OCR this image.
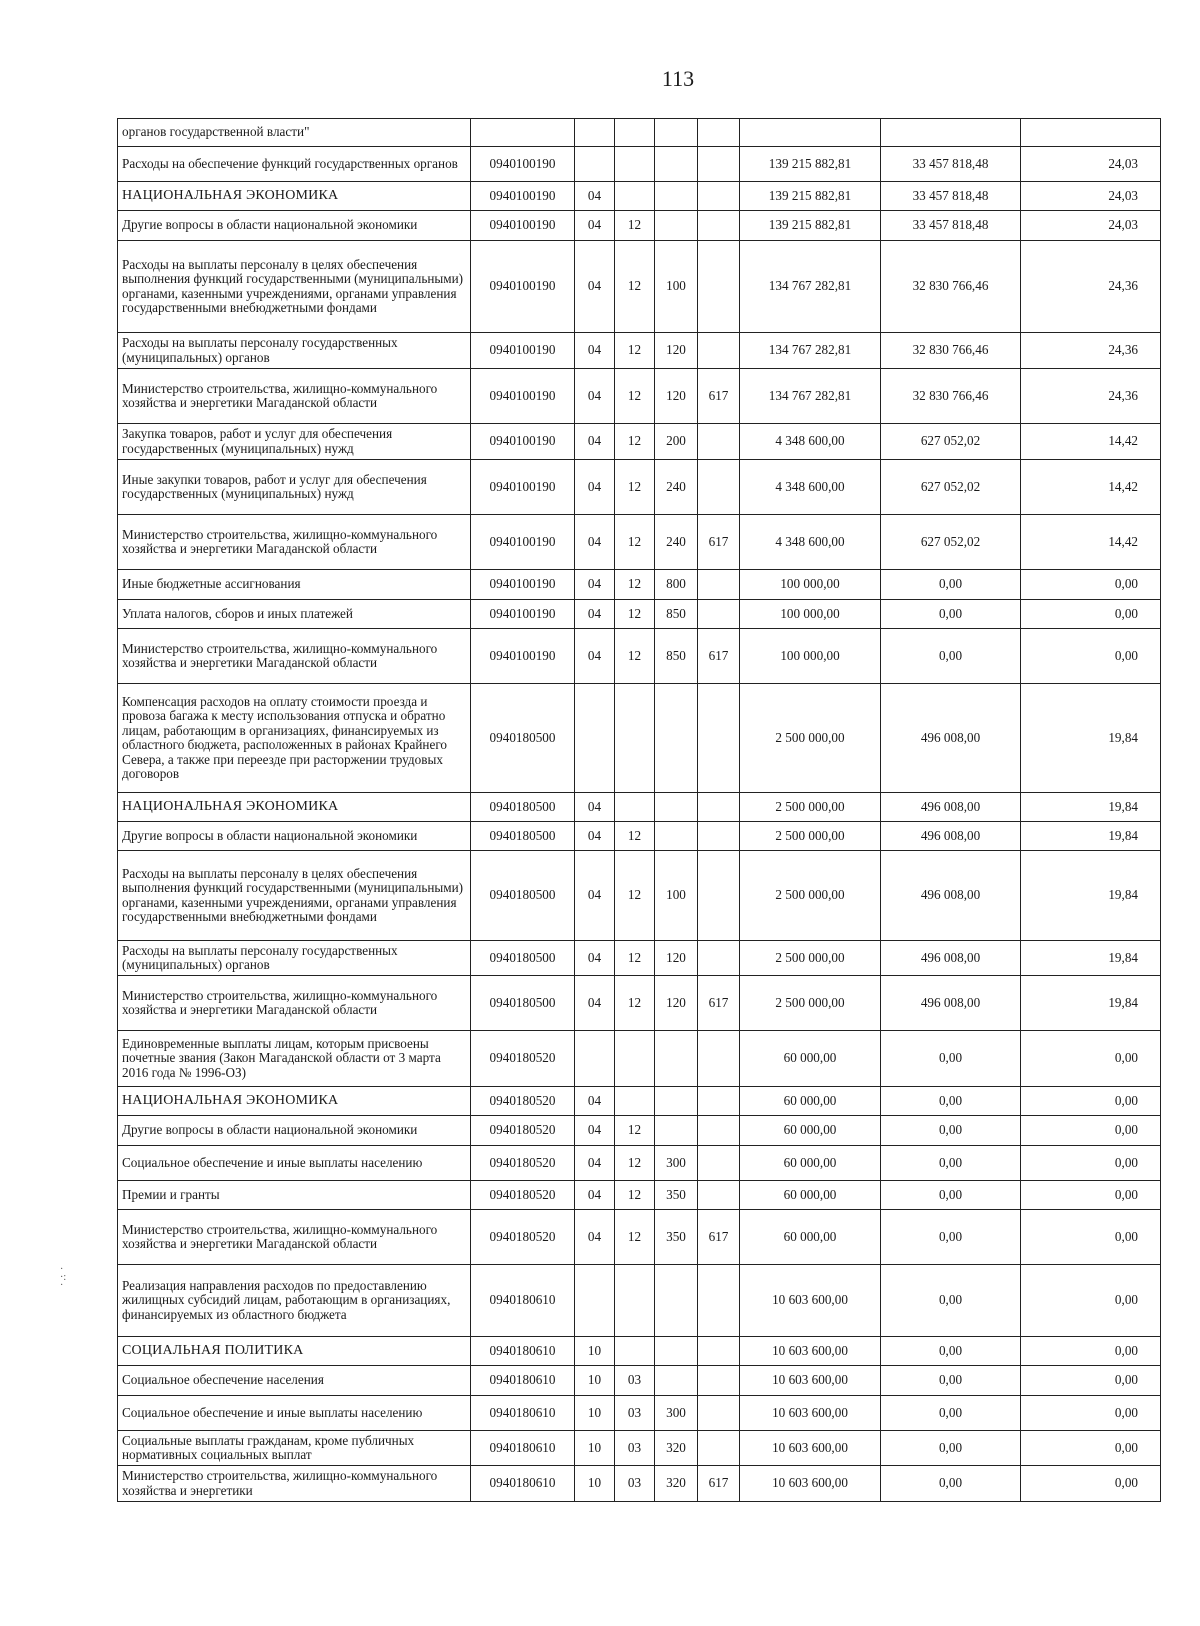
113
органов государственной власти"								
Расходы на обеспечение функций государственных органов	0940100190					139 215 882,81	33 457 818,48	24,03
НАЦИОНАЛЬНАЯ ЭКОНОМИКА	0940100190	04				139 215 882,81	33 457 818,48	24,03
Другие вопросы в области национальной экономики	0940100190	04	12			139 215 882,81	33 457 818,48	24,03
Расходы на выплаты персоналу в целях обеспечения выполнения функций государственными (муниципальными) органами, казенными учреждениями, органами управления государственными внебюджетными фондами	0940100190	04	12	100		134 767 282,81	32 830 766,46	24,36
Расходы на выплаты персоналу государственных (муниципальных) органов	0940100190	04	12	120		134 767 282,81	32 830 766,46	24,36
Министерство строительства, жилищно-коммунального хозяйства и энергетики Магаданской области	0940100190	04	12	120	617	134 767 282,81	32 830 766,46	24,36
Закупка товаров, работ и услуг для обеспечения государственных (муниципальных) нужд	0940100190	04	12	200		4 348 600,00	627 052,02	14,42
Иные закупки товаров, работ и услуг для обеспечения государственных (муниципальных) нужд	0940100190	04	12	240		4 348 600,00	627 052,02	14,42
Министерство строительства, жилищно-коммунального хозяйства и энергетики Магаданской области	0940100190	04	12	240	617	4 348 600,00	627 052,02	14,42
Иные бюджетные ассигнования	0940100190	04	12	800		100 000,00	0,00	0,00
Уплата налогов, сборов и иных платежей	0940100190	04	12	850		100 000,00	0,00	0,00
Министерство строительства, жилищно-коммунального хозяйства и энергетики Магаданской области	0940100190	04	12	850	617	100 000,00	0,00	0,00
Компенсация расходов на оплату стоимости проезда и провоза багажа к месту использования отпуска и обратно лицам, работающим в организациях, финансируемых из областного бюджета, расположенных в районах Крайнего Севера, а также при переезде при расторжении трудовых договоров	0940180500					2 500 000,00	496 008,00	19,84
НАЦИОНАЛЬНАЯ ЭКОНОМИКА	0940180500	04				2 500 000,00	496 008,00	19,84
Другие вопросы в области национальной экономики	0940180500	04	12			2 500 000,00	496 008,00	19,84
Расходы на выплаты персоналу в целях обеспечения выполнения функций государственными (муниципальными) органами, казенными учреждениями, органами управления государственными внебюджетными фондами	0940180500	04	12	100		2 500 000,00	496 008,00	19,84
Расходы на выплаты персоналу государственных (муниципальных) органов	0940180500	04	12	120		2 500 000,00	496 008,00	19,84
Министерство строительства, жилищно-коммунального хозяйства и энергетики Магаданской области	0940180500	04	12	120	617	2 500 000,00	496 008,00	19,84
Единовременные выплаты лицам, которым присвоены почетные звания (Закон Магаданской области от 3 марта 2016 года № 1996-ОЗ)	0940180520					60 000,00	0,00	0,00
НАЦИОНАЛЬНАЯ ЭКОНОМИКА	0940180520	04				60 000,00	0,00	0,00
Другие вопросы в области национальной экономики	0940180520	04	12			60 000,00	0,00	0,00
Социальное обеспечение и иные выплаты населению	0940180520	04	12	300		60 000,00	0,00	0,00
Премии и гранты	0940180520	04	12	350		60 000,00	0,00	0,00
Министерство строительства, жилищно-коммунального хозяйства и энергетики Магаданской области	0940180520	04	12	350	617	60 000,00	0,00	0,00
Реализация направления расходов по предоставлению жилищных субсидий лицам, работающим в организациях, финансируемых из областного бюджета	0940180610					10 603 600,00	0,00	0,00
СОЦИАЛЬНАЯ ПОЛИТИКА	0940180610	10				10 603 600,00	0,00	0,00
Социальное обеспечение населения	0940180610	10	03			10 603 600,00	0,00	0,00
Социальное обеспечение и иные выплаты населению	0940180610	10	03	300		10 603 600,00	0,00	0,00
Социальные выплаты гражданам, кроме публичных нормативных социальных выплат	0940180610	10	03	320		10 603 600,00	0,00	0,00
Министерство строительства, жилищно-коммунального хозяйства и энергетики	0940180610	10	03	320	617	10 603 600,00	0,00	0,00
·
·:
·
